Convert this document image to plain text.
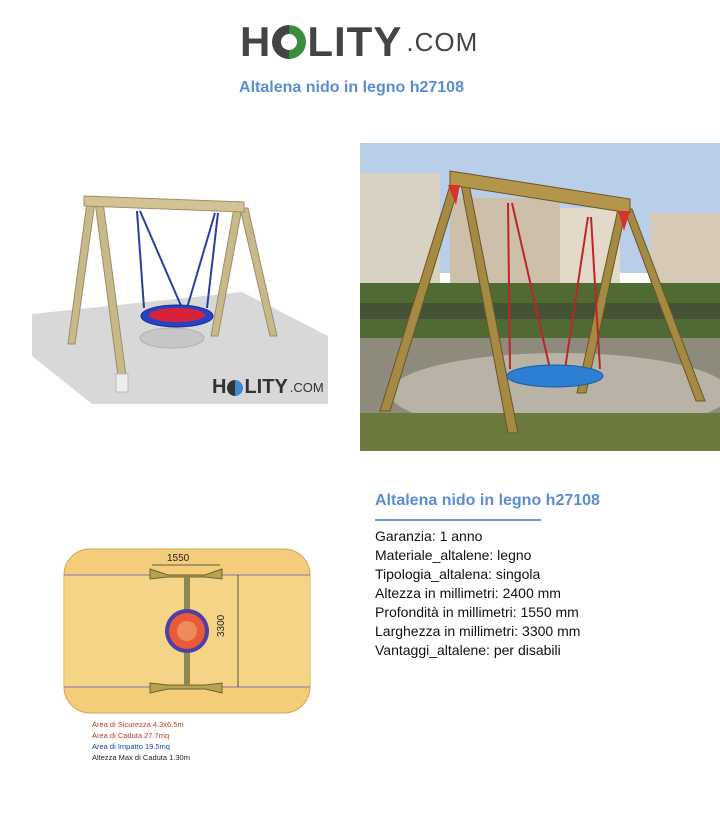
H LITY .COM
Altalena nido in legno h27108
H LITY .COM
1550
3300
Area di Sicurezza 4.3x6.5m
Area di Caduta 27.7mq
Area di Impatto 19.5mq
Altezza Max di Caduta 1.30m
Altalena nido in legno h27108
Garanzia: 1 anno
Materiale_altalene: legno
Tipologia_altalena: singola
Altezza in millimetri: 2400 mm
Profondità in millimetri: 1550 mm
Larghezza in millimetri: 3300 mm
Vantaggi_altalene: per disabili
